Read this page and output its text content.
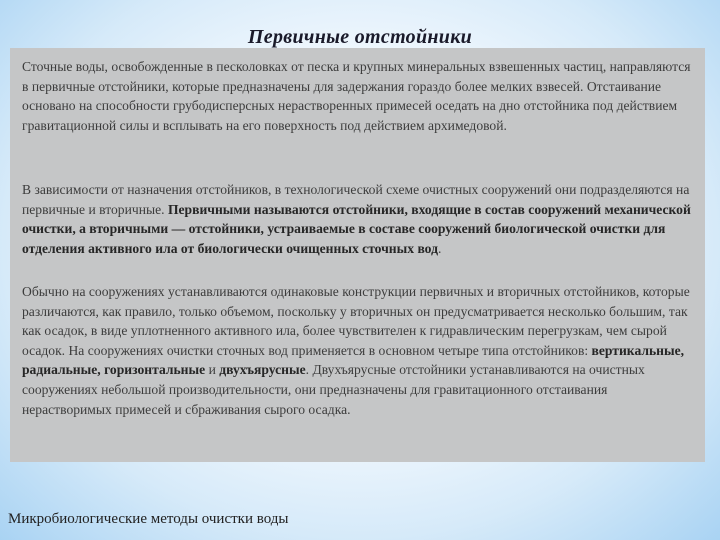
Первичные отстойники

Сточные воды, освобожденные в песколовках от песка и крупных минеральных взвешенных частиц, направляются в первичные отстойники, которые предназначены для задержания гораздо более мелких взвесей. Отстаивание основано на способности грубодисперсных нерастворенных примесей оседать на дно отстойника под действием гравитационной силы и всплывать на его поверхность под действием архимедовой.

В зависимости от назначения отстойников, в технологической схеме очистных сооружений они подразделяются на первичные и вторичные. Первичными называются отстойники, входящие в состав сооружений механической очистки, а вторичными — отстойники, устраиваемые в составе сооружений биологической очистки для отделения активного ила от биологически очищенных сточных вод.

Обычно на сооружениях устанавливаются одинаковые конструкции первичных и вторичных отстойников, которые различаются, как правило, только объемом, поскольку у вторичных он предусматривается несколько большим, так как осадок, в виде уплотненного активного ила, более чувствителен к гидравлическим перегрузкам, чем сырой осадок. На сооружениях очистки сточных вод применяется в основном четыре типа отстойников: вертикальные, радиальные, горизонтальные и двухъярусные. Двухъярусные отстойники устанавливаются на очистных сооружениях небольшой производительности, они предназначены для гравитационного отстаивания нерастворимых примесей и сбраживания сырого осадка.

Микробиологические методы очистки воды
